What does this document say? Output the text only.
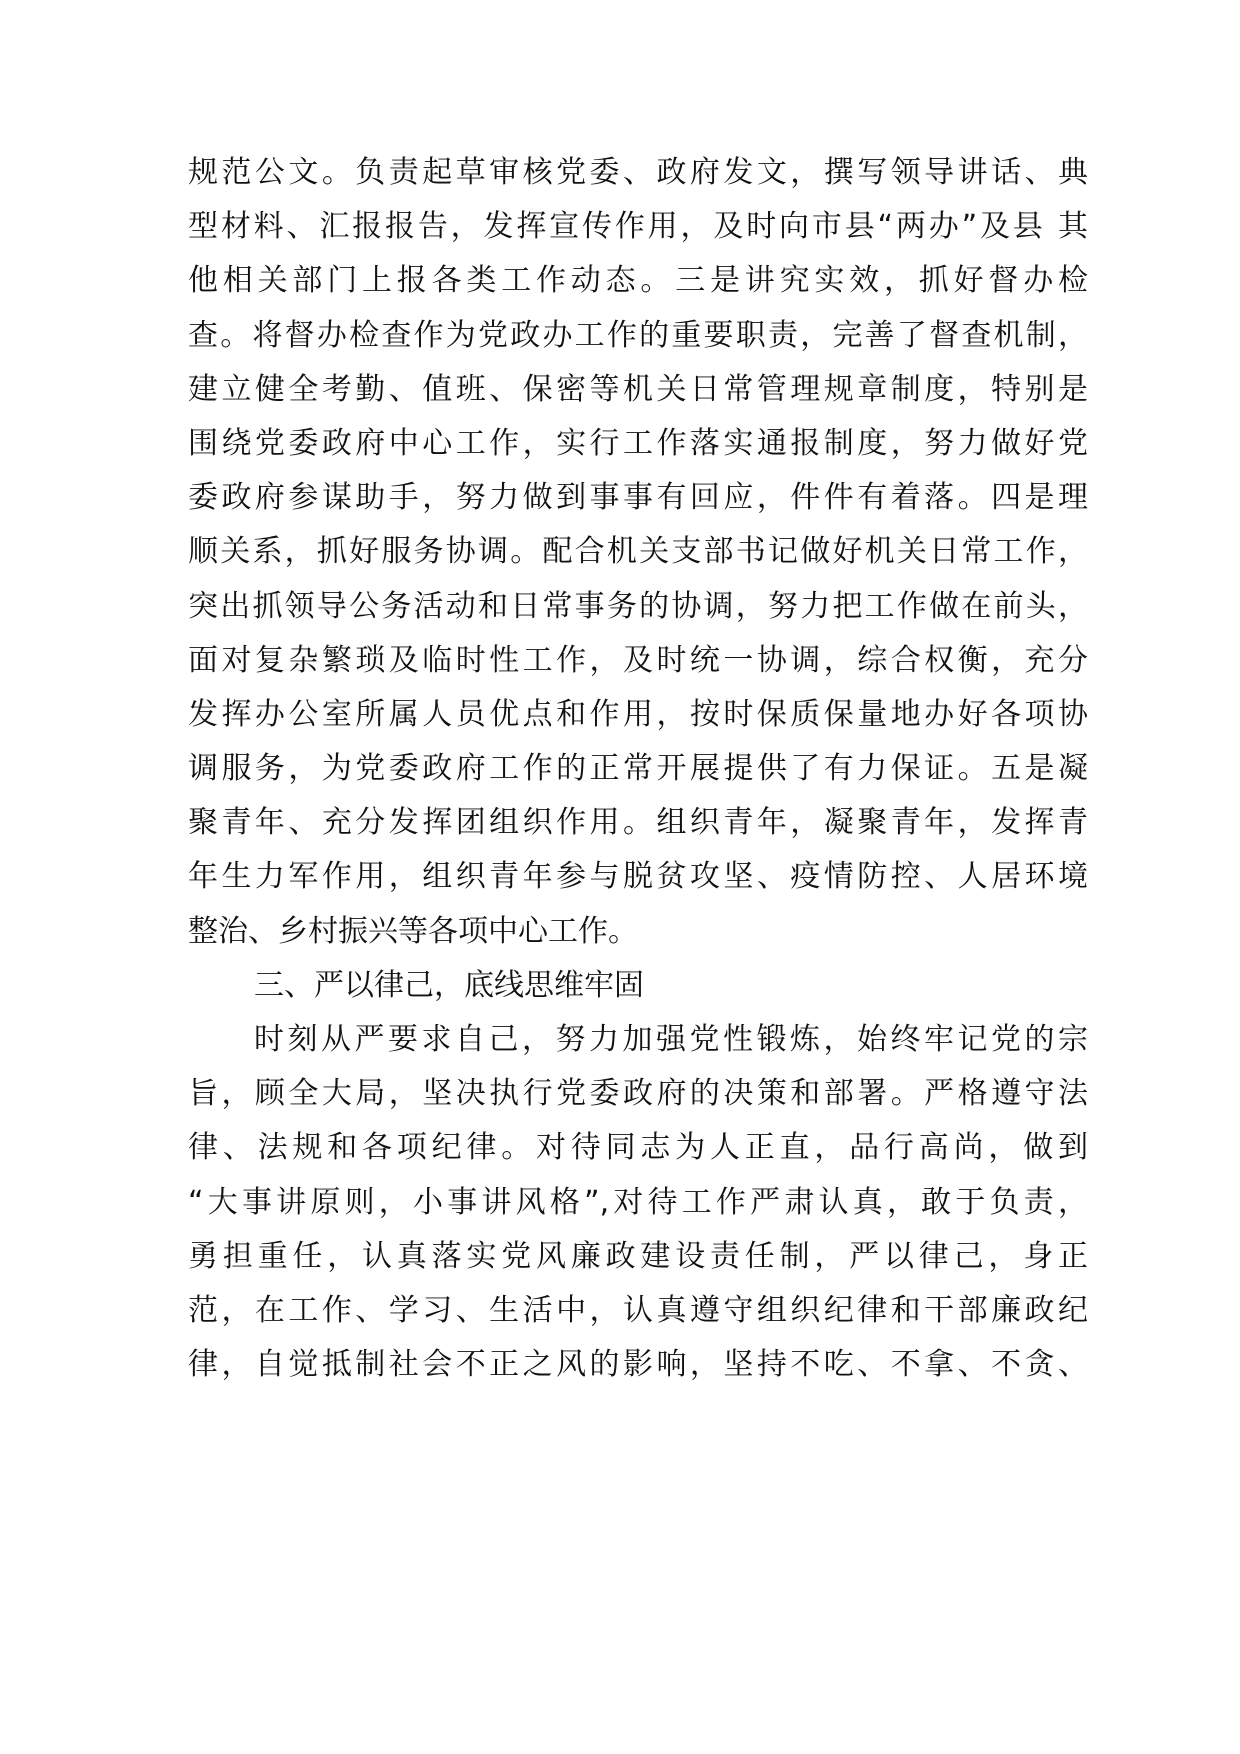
规范公文。负责起草审核党委、政府发文，撰写领导讲话、典
型材料、汇报报告，发挥宣传作用，及时向市县“两办”及县 其
他相关部门上报各类工作动态。三是讲究实效，抓好督办检
查。将督办检查作为党政办工作的重要职责，完善了督查机制，
建立健全考勤、值班、保密等机关日常管理规章制度，特别是
围绕党委政府中心工作，实行工作落实通报制度，努力做好党
委政府参谋助手，努力做到事事有回应，件件有着落。四是理
顺关系，抓好服务协调。配合机关支部书记做好机关日常工作，
突出抓领导公务活动和日常事务的协调，努力把工作做在前头，
面对复杂繁琐及临时性工作，及时统一协调，综合权衡，充分
发挥办公室所属人员优点和作用，按时保质保量地办好各项协
调服务，为党委政府工作的正常开展提供了有力保证。五是凝
聚青年、充分发挥团组织作用。组织青年，凝聚青年，发挥青
年生力军作用，组织青年参与脱贫攻坚、疫情防控、人居环境
整治、乡村振兴等各项中心工作。
三、严以律己，底线思维牢固
时刻从严要求自己，努力加强党性锻炼，始终牢记党的宗
旨，顾全大局，坚决执行党委政府的决策和部署。严格遵守法
律、法规和各项纪律。对待同志为人正直，品行高尚，做到
“大事讲原则，小事讲风格”,对待工作严肃认真，敢于负责，
勇担重任，认真落实党风廉政建设责任制，严以律己，身正
范，在工作、学习、生活中，认真遵守组织纪律和干部廉政纪
律，自觉抵制社会不正之风的影响，坚持不吃、不拿、不贪、
